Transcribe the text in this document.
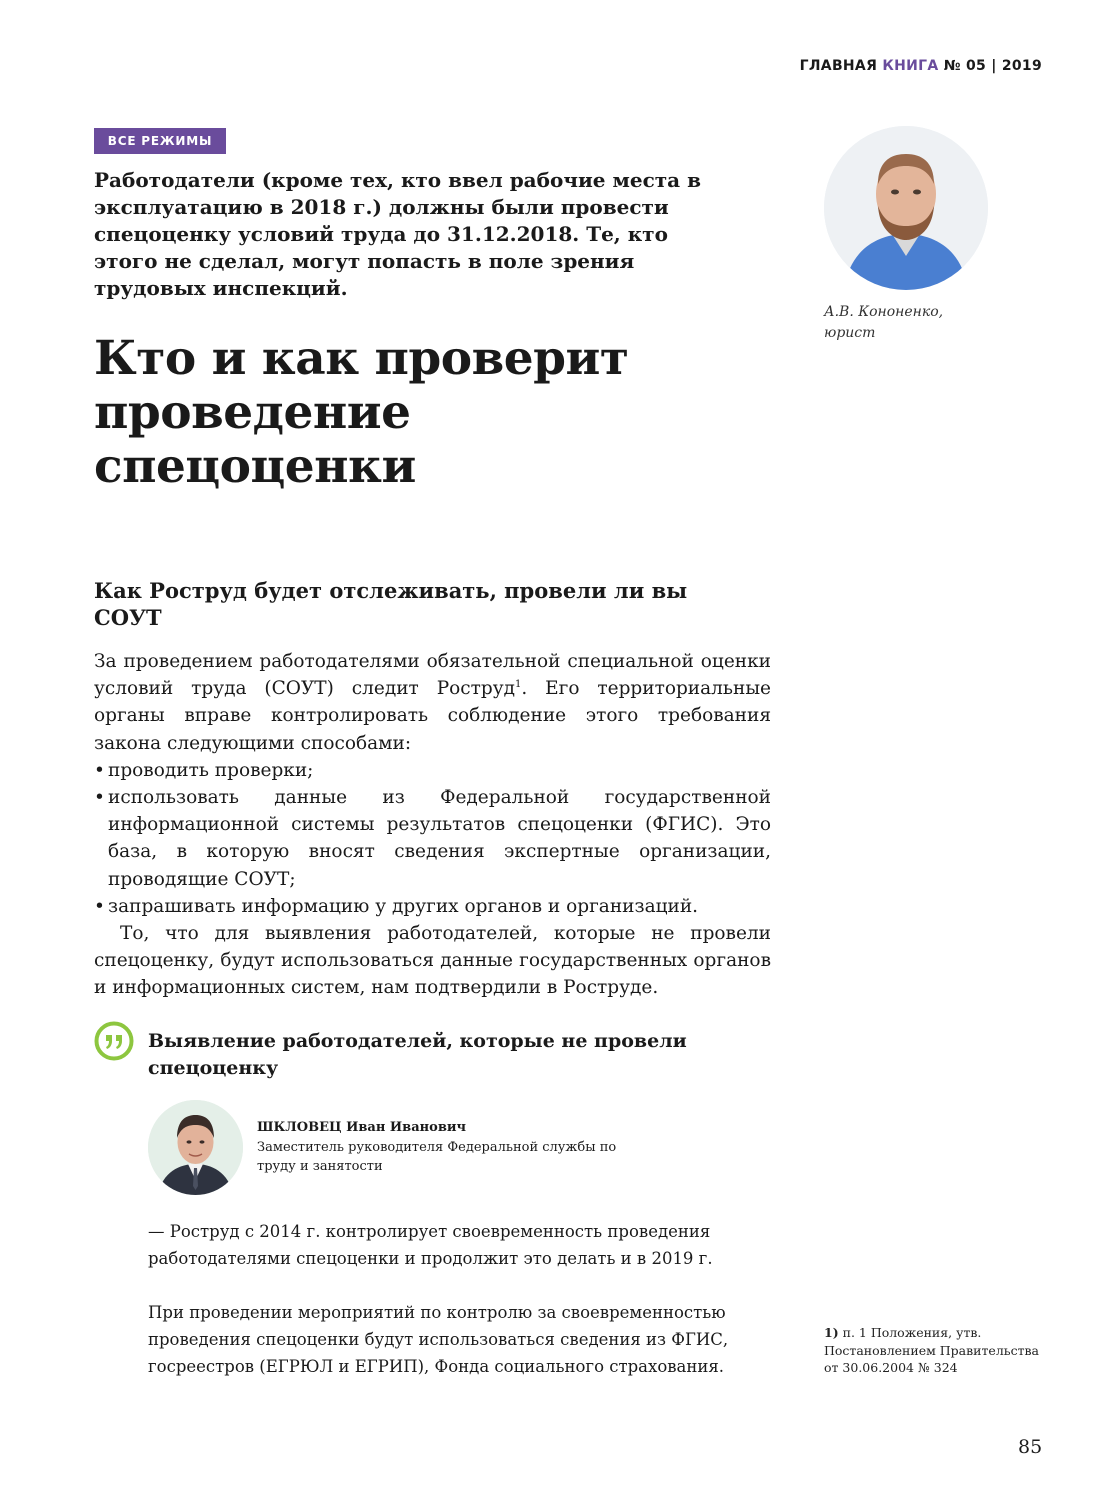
ГЛАВНАЯ КНИГА № 05 | 2019
ВСЕ РЕЖИМЫ
Работодатели (кроме тех, кто ввел рабочие места в эксплуатацию в 2018 г.) должны были провести спецоценку условий труда до 31.12.2018. Те, кто этого не сделал, могут попасть в поле зрения трудовых инспекций.
Кто и как проверит проведение спецоценки
А.В. Кононенко,
юрист
Как Роструд будет отслеживать, провели ли вы СОУТ

За проведением работодателями обязательной специальной оценки условий труда (СОУТ) следит Роструд$^1$. Его территориальные органы вправе контролировать соблюдение этого требования закона следующими способами:

• проводить проверки;
• использовать данные из Федеральной государственной информационной системы результатов спецоценки (ФГИС). Это база, в которую вносят сведения экспертные организации, проводящие СОУТ;
• запрашивать информацию у других органов и организаций.

То, что для выявления работодателей, которые не провели спецоценку, будут использоваться данные государственных органов и информационных систем, нам подтвердили в Роструде.

Выявление работодателей, которые не провели спецоценку
ШКЛОВЕЦ Иван Иванович
Заместитель руководителя Федеральной службы по труду и занятости

— Роструд с 2014 г. контролирует своевременность проведения работодателями спецоценки и продолжит это делать и в 2019 г.

При проведении мероприятий по контролю за своевременностью проведения спецоценки будут использоваться сведения из ФГИС, госреестров (ЕГРЮЛ и ЕГРИП), Фонда социального страхования.

1) п. 1 Положения, утв. Постановлением Правительства от 30.06.2004 № 324
85
